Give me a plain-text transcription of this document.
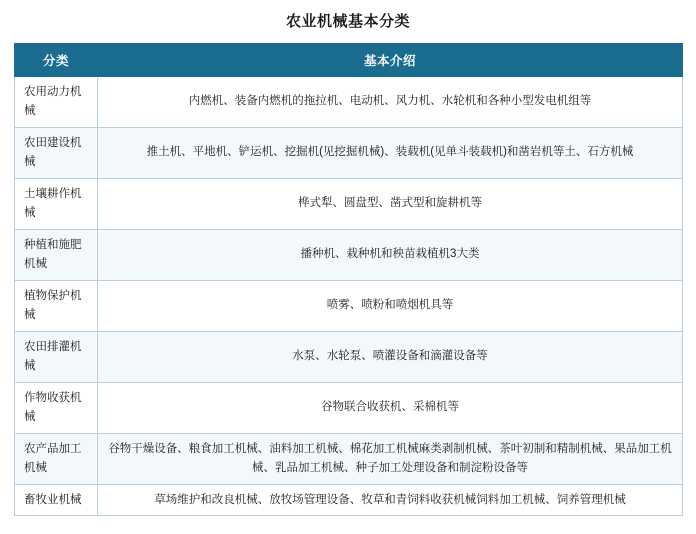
农业机械基本分类
分类	基本介绍
农用动力机械	内燃机、装备内燃机的拖拉机、电动机、风力机、水轮机和各种小型发电机组等
农田建设机械	推土机、平地机、铲运机、挖掘机(见挖掘机械)、装载机(见单斗装载机)和凿岩机等土、石方机械
土壤耕作机械	桦式犁、圆盘型、凿式型和旋耕机等
种植和施肥机械	播种机、栽种机和秧苗栽植机3大类
植物保护机械	喷雾、喷粉和喷烟机具等
农田排灌机械	水泵、水轮泵、喷灌设备和滴灌设备等
作物收获机械	谷物联合收获机、采棉机等
农产品加工机械	谷物干燥设备、粮食加工机械、油料加工机械、棉花加工机械麻类剥制机械、茶叶初制和精制机械、果品加工机械、乳品加工机械、种子加工处理设备和制淀粉设备等
畜牧业机械	草场维护和改良机械、放牧场管理设备、牧草和青饲料收获机械饲料加工机械、饲养管理机械
